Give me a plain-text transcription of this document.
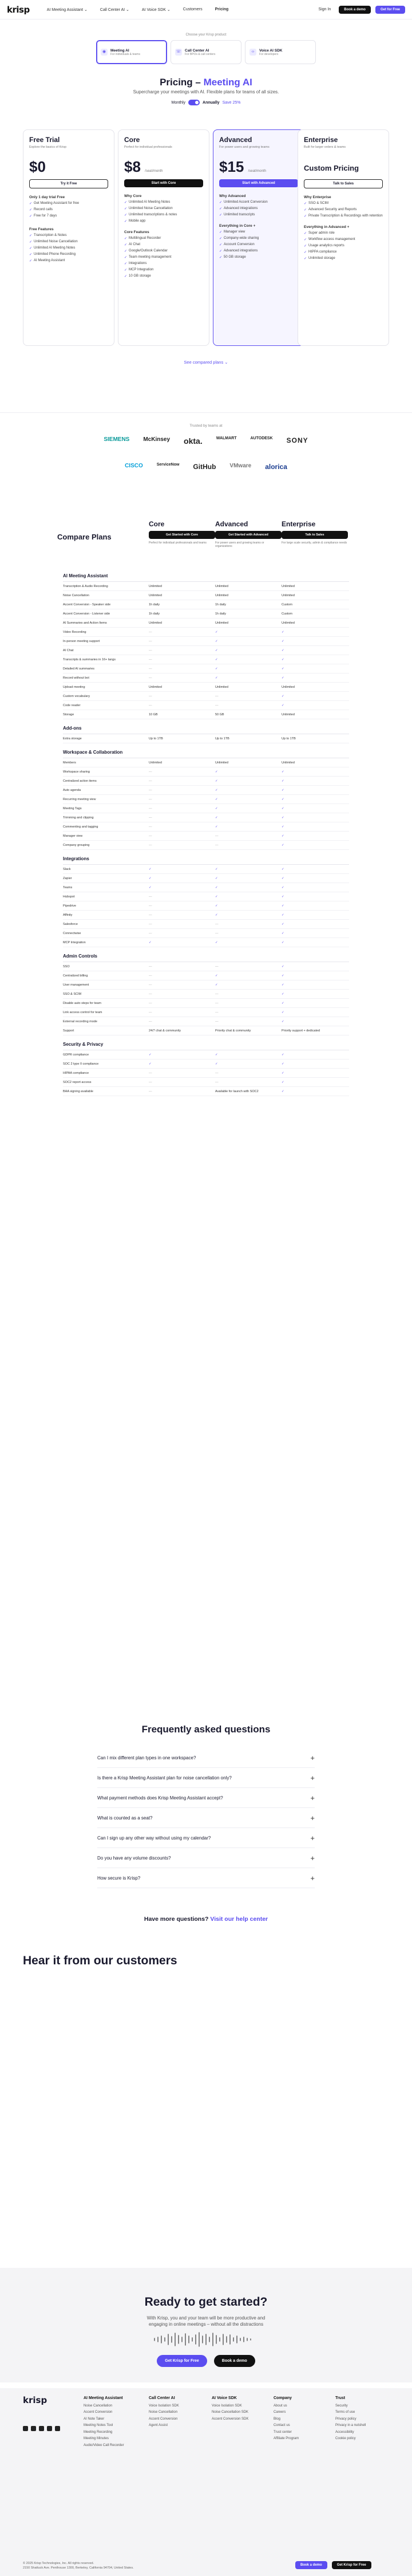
krisp	AI Meeting Assistant ⌄	Call Center AI ⌄	AI Voice SDK ⌄	Customers	Pricing	Sign In	Book a demo	Get for Free
Choose your Krisp product
◉	Meeting AI
For individuals & teams
☏ Call Center AI
For BPOs & call centers
‹›	Voice AI SDK
For developers
Pricing – Meeting AI
Supercharge your meetings with AI. Flexible plans for teams of all sizes.
Monthly	Annually Save 25%
Free Trial
Explore the basics of Krisp
$0
Try it Free
Only 1 day trial Free
✓ Get Meeting Assistant for free
✓ Record calls
✓ Free for 7 days
Free Features
✓ Transcription & Notes
✓ Unlimited Noise Cancellation
✓ Unlimited AI Meeting Notes
✓ Unlimited Phone Recording
✓ AI Meeting Assistant
Core
Perfect for individual professionals
$8 /seat/month
Start with Core
Why Core
✓ Unlimited AI Meeting Notes
✓ Unlimited Noise Cancellation
✓ Unlimited transcriptions & notes
✓ Mobile app
Core Features
✓ Multilingual Recorder
✓ AI Chat
✓ Google/Outlook Calendar
✓ Team meeting management
✓ Integrations
✓ MCP Integration
✓ 10 GB storage
Advanced
For power users and growing teams
$15 /seat/month
Start with Advanced
Why Advanced
✓ Unlimited Accent Conversion
✓ Advanced integrations
✓ Unlimited transcripts
Everything in Core +
✓ Manager view
✓ Company-wide sharing
✓ Account Conversion
✓ Advanced integrations
✓ 50 GB storage
Enterprise
Built for larger orders & teams
Custom Pricing
Talk to Sales
Why Enterprise
✓ SSO & SCIM
✓ Advanced Security and Reports
✓ Private Transcription & Recordings with retention
Everything in Advanced +
✓ Super admin role
✓ Workflow access management
✓ Usage analytics reports
✓ HIPPA compliance
✓ Unlimited storage
See compared plans ⌄
Trusted by teams at
SIEMENS McKinsey okta.	WALMART	AUTODESK SONY
CISCO	ServiceNow GitHub VMware alorica
Compare Plans
Core
Get Started with Core
Perfect for individual professionals and teams
Advanced
Get Started with Advanced
For power users and growing teams or organizations
Enterprise
Talk to Sales
For large scale security, admin & compliance needs
AI Meeting Assistant
Transcription & Audio Recording	Unlimited	Unlimited	Unlimited
Noise Cancellation	Unlimited	Unlimited	Unlimited
Accent Conversion - Speaker side	1h daily	1h daily	Custom
Accent Conversion - Listener side	1h daily	1h daily	Custom
AI Summaries and Action Items	Unlimited	Unlimited	Unlimited
Video Recording	—	✓	✓
In-person meeting support	—	✓	✓
AI Chat	—	✓	✓
Transcripts & summaries in 16+ langs	—	✓	✓
Detailed AI summaries	—	✓	✓
Record without bot	—	✓	✓
Upload meeting	Unlimited	Unlimited	Unlimited
Custom vocabulary	—	—	✓
Code reader	—	—	✓
Storage	10 GB	50 GB	Unlimited
Add-ons
Extra storage	Up to 1TB	Up to 1TB	Up to 1TB
Workspace & Collaboration
Members	Unlimited	Unlimited	Unlimited
Workspace sharing	—	✓	✓
Centralized action items	—	✓	✓
Auto agenda	—	✓	✓
Recurring meeting view	—	✓	✓
Meeting Tags	—	✓	✓
Trimming and clipping	—	✓	✓
Commenting and tagging	—	✓	✓
Manager view	—	—	✓
Company grouping	—	—	✓
Integrations
Slack	✓	✓	✓
Zapier	✓	✓	✓
Teams	✓	✓	✓
Hubspot	—	✓	✓
Pipedrive	—	✓	✓
Affinity	—	✓	✓
Salesforce	—	—	✓
Connectwise	—	—	✓
MCP Integration	✓	✓	✓
Admin Controls
SSO	—	—	✓
Centralized billing	—	✓	✓
User management	—	✓	✓
SSO & SCIM	—	—	✓
Disable auto steps for team	—	—	✓
Link access control for team	—	—	✓
External recording mode	—	—	✓
Support	24/7 chat & community	Priority chat & community	Priority support + dedicated
Security & Privacy
GDPR compliance	✓	✓	✓
SOC 2 type II compliance	✓	✓	✓
HIPAA compliance	—	—	✓
SOC2 report access	—	—	✓
BAA signing available	—	Available for launch with SOC2	✓
Frequently asked questions
Can I mix different plan types in one workspace?	+
Is there a Krisp Meeting Assistant plan for noise cancellation only?	+
What payment methods does Krisp Meeting Assistant accept?	+
What is counted as a seat?	+
Can I sign up any other way without using my calendar?	+
Do you have any volume discounts?	+
How secure is Krisp?	+
Have more questions? Visit our help center
Hear it from our customers
Ready to get started?
With Krisp, you and your team will be more productive and
engaging in online meetings – without all the distractions
Get Krisp for Free	Book a demo
krisp	AI Meeting Assistant
Noise Cancellation
Accent Conversion
AI Note Taker
Meeting Notes Tool
Meeting Recording
Meeting Minutes
Audio/Video Call Recorder
Call Center AI
Voice Isolation SDK
Noise Cancellation
Accent Conversion
Agent Assist
AI Voice SDK
Voice Isolation SDK
Noise Cancellation SDK
Accent Conversion SDK
Company
About us
Careers
Blog
Contact us
Trust center
Affiliate Program
Trust
Security
Terms of use
Privacy policy
Privacy in a nutshell
Accessibility
Cookie policy
© 2025 Krisp Technologies, Inc. All rights reserved.
2150 Shattuck Ave. Penthouse 1300, Berkeley, California 94704, United States.
Book a demo	Get Krisp for Free
